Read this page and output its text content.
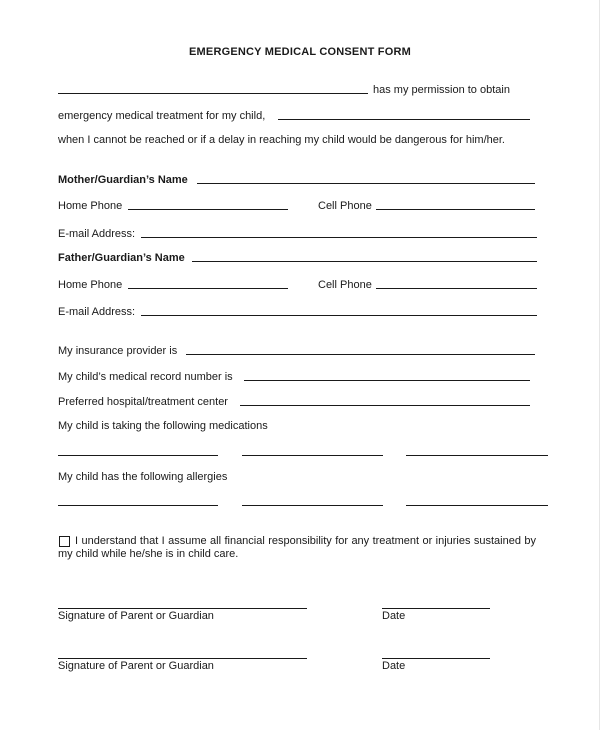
EMERGENCY MEDICAL CONSENT FORM
has my permission to obtain
emergency medical treatment for my child,
when I cannot be reached or if a delay in reaching my child would be dangerous for him/her.
Mother/Guardian’s Name
Home Phone	Cell Phone
E-mail Address:
Father/Guardian’s Name
Home Phone	Cell Phone
E-mail Address:
My insurance provider is
My child’s medical record number is
Preferred hospital/treatment center
My child is taking the following medications
My child has the following allergies
I understand that I assume all financial responsibility for any treatment or injuries sustained by my child while he/she is in child care.
Signature of Parent or Guardian	Date
Signature of Parent or Guardian	Date
